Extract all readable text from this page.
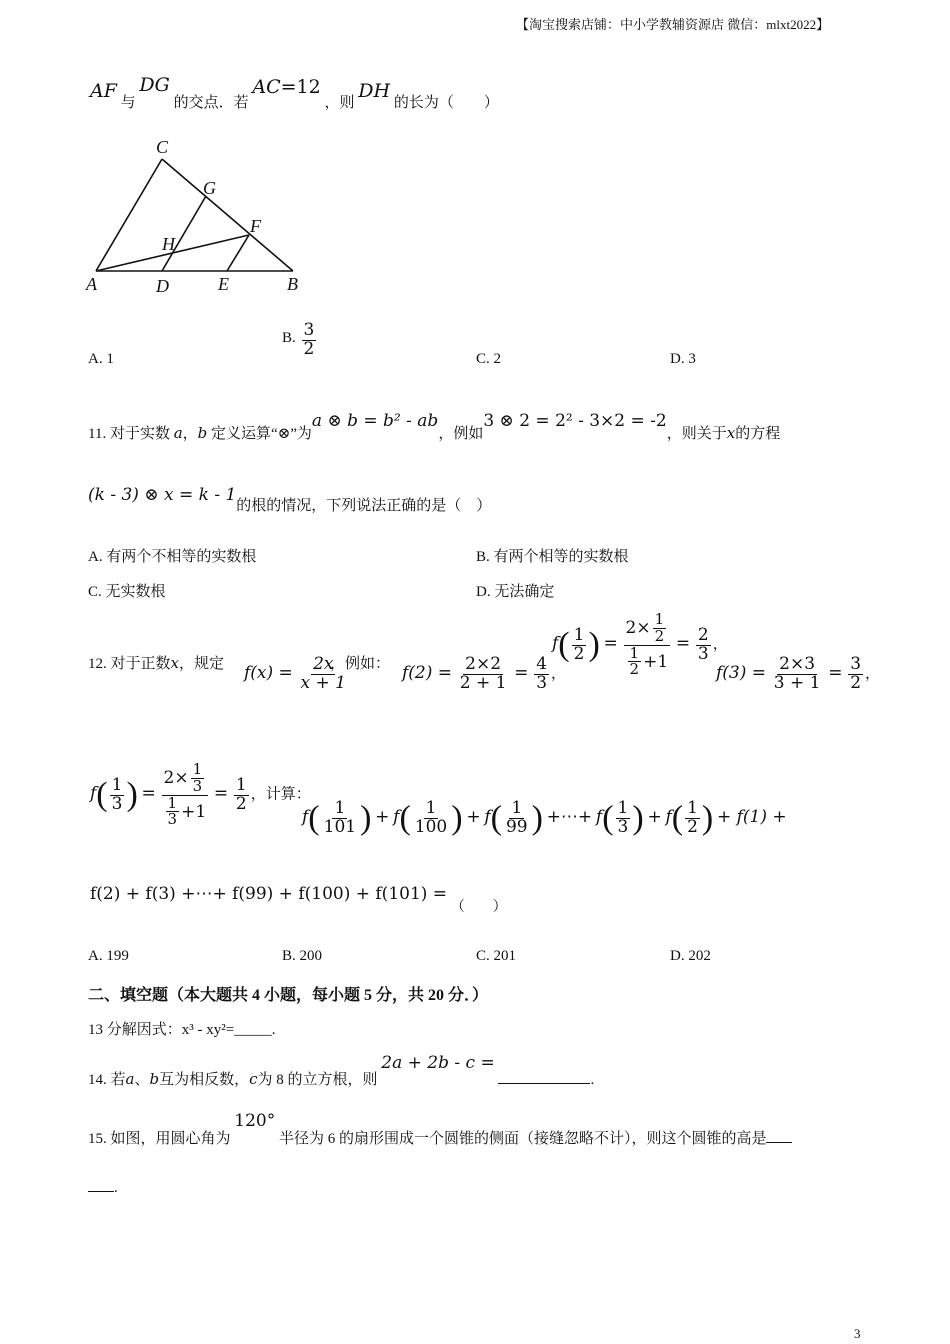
【淘宝搜索店铺：中小学教辅资源店 微信：mlxt2022】
AF 与 DG 的交点．若 AC=12 ，则 DH 的长为（　　）
C
G
F
H
A	D	E	B
A. 1
B. $\frac{3}{2}$
C. 2	D. 3
11. 对于实数 a，b 定义运算“⊗”为a ⊗ b = b² - ab，例如3 ⊗ 2 = 2² - 3×2 = -2，则关于x的方程
(k - 3) ⊗ x = k - 1的根的情况，下列说法正确的是（　）
A. 有两个不相等的实数根	B. 有两个相等的实数根
C. 无实数根	D. 无法确定
12. 对于正数x，规定 $f(x) = \frac{2x}{x + 1}$
，例如： $f(2) = \frac{2\times 2}{2 + 1} = \frac{4}{3}$ ，
$f( \frac{1}{2}$ ) = $\frac{2\times \frac{1}{2}}{\frac{1}{2} +1} = \frac{2}{3}$ ，
$f(3) = \frac{2\times 3}{3 + 1} = \frac{3}{2}$ ，
$f( \frac{1}{3}$ ) = $\frac{2\times \frac{1}{3}}{\frac{1}{3} +1} = \frac{1}{2}$ ，计算：
$f( \frac{1}{101}$ ) + $f( \frac{1}{100}$ ) + $f( \frac{1}{99}$ ) +⋯+ $f( \frac{1}{3}$ ) + $f( \frac{1}{2}$ ) + f(1) +
f(2) + f(3) +⋯+ f(99) + f(100) + f(101) = （　　）
A. 199	B. 200	C. 201	D. 202
二、填空题（本大题共 4 小题，每小题 5 分，共 20 分．）
13 分解因式：x³ - xy²=_____.
14. 若a、b互为相反数，c为 8 的立方根，则 2a + 2b - c = .
15. 如图，用圆心角为 120° 半径为 6 的扇形围成一个圆锥的侧面（接缝忽略不计），则这个圆锥的高是
.
3
